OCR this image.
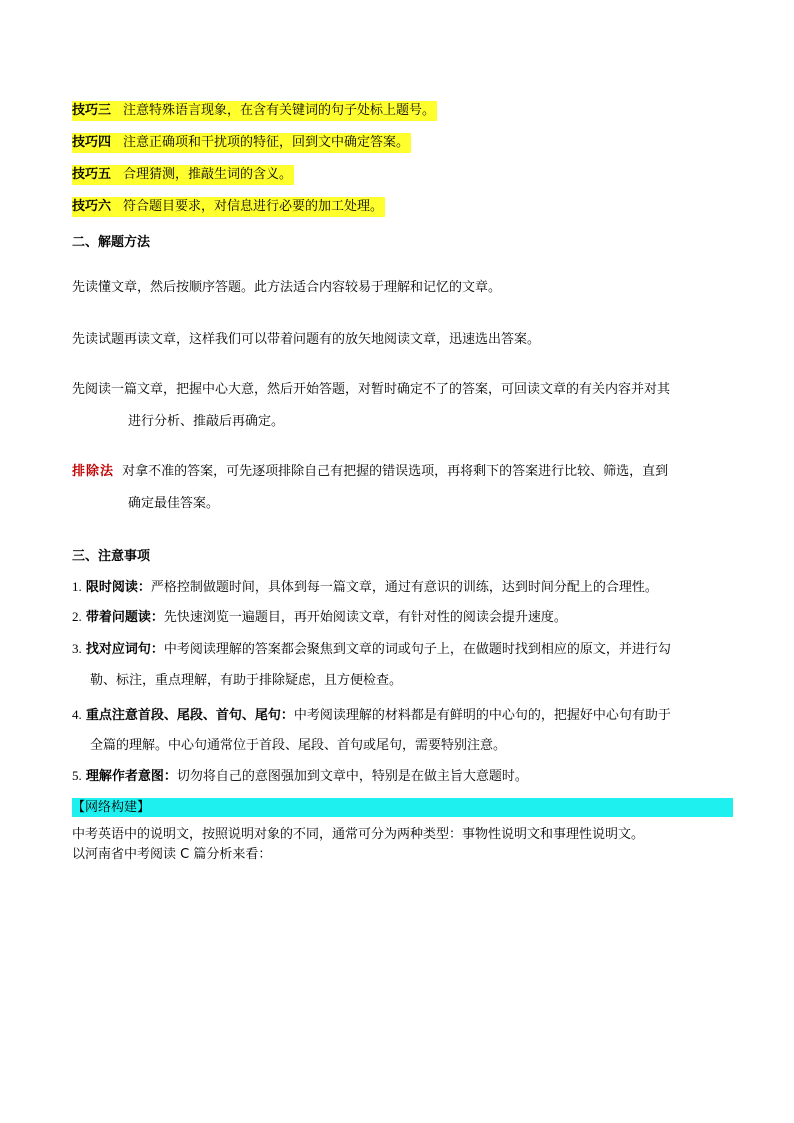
技巧三 注意特殊语言现象，在含有关键词的句子处标上题号。
技巧四 注意正确项和干扰项的特征，回到文中确定答案。
技巧五 合理猜测，推敲生词的含义。
技巧六 符合题目要求，对信息进行必要的加工处理。
二、解题方法
先读懂文章，然后按顺序答题。此方法适合内容较易于理解和记忆的文章。
先读试题再读文章，这样我们可以带着问题有的放矢地阅读文章，迅速选出答案。
先阅读一篇文章，把握中心大意，然后开始答题，对暂时确定不了的答案，可回读文章的有关内容并对其
进行分析、推敲后再确定。
排除法 对拿不准的答案，可先逐项排除自己有把握的错误选项，再将剩下的答案进行比较、筛选，直到
确定最佳答案。
三、注意事项
1. 限时阅读：严格控制做题时间，具体到每一篇文章，通过有意识的训练，达到时间分配上的合理性。
2. 带着问题读：先快速浏览一遍题目，再开始阅读文章，有针对性的阅读会提升速度。
3. 找对应词句：中考阅读理解的答案都会聚焦到文章的词或句子上，在做题时找到相应的原文，并进行勾
勒、标注，重点理解，有助于排除疑虑，且方便检查。
4. 重点注意首段、尾段、首句、尾句：中考阅读理解的材料都是有鲜明的中心句的，把握好中心句有助于
全篇的理解。中心句通常位于首段、尾段、首句或尾句，需要特别注意。
5. 理解作者意图：切勿将自己的意图强加到文章中，特别是在做主旨大意题时。
【网络构建】
中考英语中的说明文，按照说明对象的不同，通常可分为两种类型：事物性说明文和事理性说明文。
以河南省中考阅读 C 篇分析来看：
